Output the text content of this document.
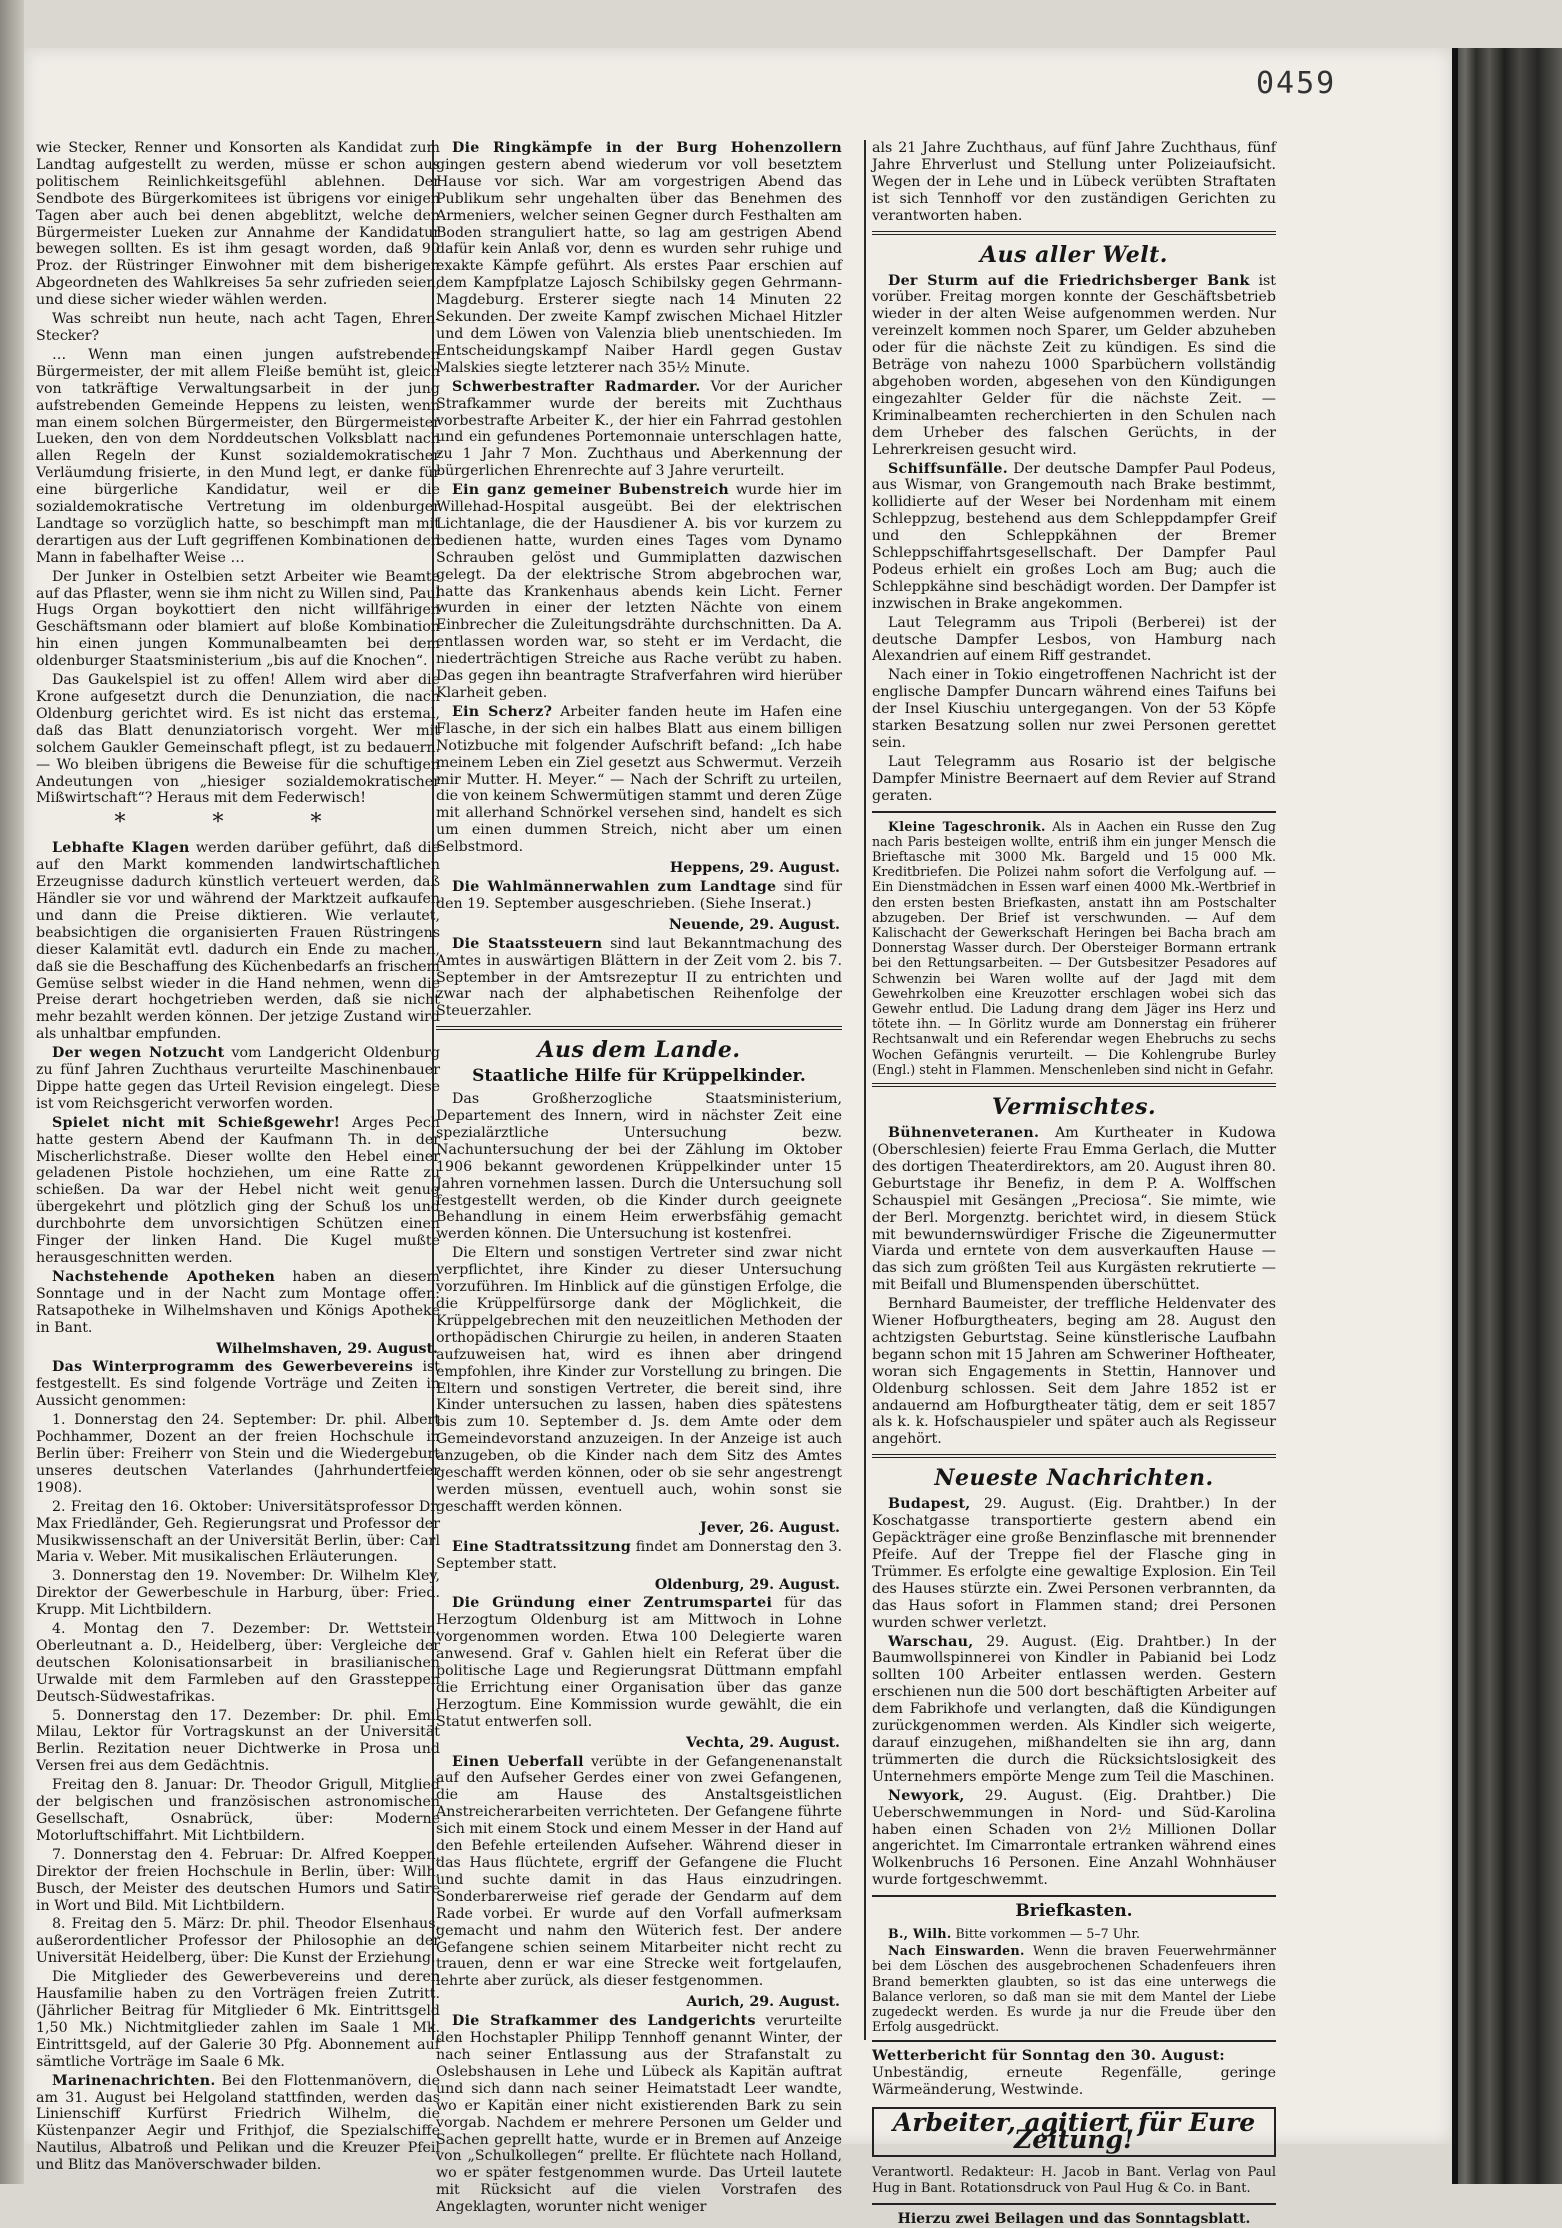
0459

wie Stecker, Renner und Konsorten als Kandidat zum Landtag aufgestellt zu werden, müsse er schon aus politischem Reinlichkeitsgefühl ablehnen. Der Sendbote des Bürgerkomitees ist übrigens vor einigen Tagen aber auch bei denen abgeblitzt, welche den Bürgermeister Lueken zur Annahme der Kandidatur bewegen sollten. Es ist ihm gesagt worden, daß 90 Proz. der Rüstringer Einwohner mit dem bisherigen Abgeordneten des Wahlkreises 5a sehr zufrieden seien, und diese sicher wieder wählen werden.

Was schreibt nun heute, nach acht Tagen, Ehren-Stecker?

… Wenn man einen jungen aufstrebenden Bürgermeister, der mit allem Fleiße bemüht ist, gleich von tatkräftige Verwaltungsarbeit in der jung aufstrebenden Gemeinde Heppens zu leisten, wenn man einem solchen Bürgermeister, den Bürgermeister Lueken, den von dem Norddeutschen Volksblatt nach allen Regeln der Kunst sozialdemokratischer Verläumdung frisierte, in den Mund legt, er danke für eine bürgerliche Kandidatur, weil er die sozialdemokratische Vertretung im oldenburger Landtage so vorzüglich hatte, so beschimpft man mit derartigen aus der Luft gegriffenen Kombinationen den Mann in fabelhafter Weise …

Der Junker in Ostelbien setzt Arbeiter wie Beamte auf das Pflaster, wenn sie ihm nicht zu Willen sind, Paul Hugs Organ boykottiert den nicht willfährigen Geschäftsmann oder blamiert auf bloße Kombination hin einen jungen Kommunalbeamten bei dem oldenburger Staatsministerium „bis auf die Knochen“.

Das Gaukelspiel ist zu offen! Allem wird aber die Krone aufgesetzt durch die Denunziation, die nach Oldenburg gerichtet wird. Es ist nicht das erstemal, daß das Blatt denunziatorisch vorgeht. Wer mit solchem Gaukler Gemeinschaft pflegt, ist zu bedauern. — Wo bleiben übrigens die Beweise für die schuftigen Andeutungen von „hiesiger sozialdemokratischer Mißwirtschaft“? Heraus mit dem Federwisch!

* * *

Lebhafte Klagen werden darüber geführt, daß die auf den Markt kommenden landwirtschaftlichen Erzeugnisse dadurch künstlich verteuert werden, daß Händler sie vor und während der Marktzeit aufkaufen und dann die Preise diktieren. Wie verlautet, beabsichtigen die organisierten Frauen Rüstringens dieser Kalamität evtl. dadurch ein Ende zu machen, daß sie die Beschaffung des Küchenbedarfs an frischem Gemüse selbst wieder in die Hand nehmen, wenn die Preise derart hochgetrieben werden, daß sie nicht mehr bezahlt werden können. Der jetzige Zustand wird als unhaltbar empfunden.

Der wegen Notzucht vom Landgericht Oldenburg zu fünf Jahren Zuchthaus verurteilte Maschinenbauer Dippe hatte gegen das Urteil Revision eingelegt. Diese ist vom Reichsgericht verworfen worden.

Spielet nicht mit Schießgewehr! Arges Pech hatte gestern Abend der Kaufmann Th. in der Mischerlichstraße. Dieser wollte den Hebel einer geladenen Pistole hochziehen, um eine Ratte zu schießen. Da war der Hebel nicht weit genug übergekehrt und plötzlich ging der Schuß los und durchbohrte dem unvorsichtigen Schützen einen Finger der linken Hand. Die Kugel mußte herausgeschnitten werden.

Nachstehende Apotheken haben an diesem Sonntage und in der Nacht zum Montage offen: Ratsapotheke in Wilhelmshaven und Königs Apotheke in Bant.

Wilhelmshaven, 29. August.

Das Winterprogramm des Gewerbevereins ist festgestellt. Es sind folgende Vorträge und Zeiten in Aussicht genommen:

1. Donnerstag den 24. September: Dr. phil. Albert Pochhammer, Dozent an der freien Hochschule in Berlin über: Freiherr von Stein und die Wiedergeburt unseres deutschen Vaterlandes (Jahrhundertfeier 1908).

2. Freitag den 16. Oktober: Universitätsprofessor Dr. Max Friedländer, Geh. Regierungsrat und Professor der Musikwissenschaft an der Universität Berlin, über: Carl Maria v. Weber. Mit musikalischen Erläuterungen.

3. Donnerstag den 19. November: Dr. Wilhelm Kley, Direktor der Gewerbeschule in Harburg, über: Fried. Krupp. Mit Lichtbildern.

4. Montag den 7. Dezember: Dr. Wettstein, Oberleutnant a. D., Heidelberg, über: Vergleiche der deutschen Kolonisationsarbeit in brasilianischen Urwalde mit dem Farmleben auf den Grassteppen Deutsch-Südwestafrikas.

5. Donnerstag den 17. Dezember: Dr. phil. Emil Milau, Lektor für Vortragskunst an der Universität Berlin. Rezitation neuer Dichtwerke in Prosa und Versen frei aus dem Gedächtnis.

Freitag den 8. Januar: Dr. Theodor Grigull, Mitglied der belgischen und französischen astronomischen Gesellschaft, Osnabrück, über: Moderne Motorluftschiffahrt. Mit Lichtbildern.

7. Donnerstag den 4. Februar: Dr. Alfred Koeppen, Direktor der freien Hochschule in Berlin, über: Wilh. Busch, der Meister des deutschen Humors und Satire in Wort und Bild. Mit Lichtbildern.

8. Freitag den 5. März: Dr. phil. Theodor Elsenhaus, außerordentlicher Professor der Philosophie an der Universität Heidelberg, über: Die Kunst der Erziehung.

Die Mitglieder des Gewerbevereins und deren Hausfamilie haben zu den Vorträgen freien Zutritt. (Jährlicher Beitrag für Mitglieder 6 Mk. Eintrittsgeld 1,50 Mk.) Nichtmitglieder zahlen im Saale 1 Mk. Eintrittsgeld, auf der Galerie 30 Pfg. Abonnement auf sämtliche Vorträge im Saale 6 Mk.

Marinenachrichten. Bei den Flottenmanövern, die am 31. August bei Helgoland stattfinden, werden das Linienschiff Kurfürst Friedrich Wilhelm, die Küstenpanzer Aegir und Frithjof, die Spezialschiffe Nautilus, Albatroß und Pelikan und die Kreuzer Pfeil und Blitz das Manöverschwader bilden.

Die Ringkämpfe in der Burg Hohenzollern gingen gestern abend wiederum vor voll besetztem Hause vor sich. War am vorgestrigen Abend das Publikum sehr ungehalten über das Benehmen des Armeniers, welcher seinen Gegner durch Festhalten am Boden stranguliert hatte, so lag am gestrigen Abend dafür kein Anlaß vor, denn es wurden sehr ruhige und exakte Kämpfe geführt. Als erstes Paar erschien auf dem Kampfplatze Lajosch Schibilsky gegen Gehrmann-Magdeburg. Ersterer siegte nach 14 Minuten 22 Sekunden. Der zweite Kampf zwischen Michael Hitzler und dem Löwen von Valenzia blieb unentschieden. Im Entscheidungskampf Naiber Hardl gegen Gustav Malskies siegte letzterer nach 35½ Minute.

Schwerbestrafter Radmarder. Vor der Auricher Strafkammer wurde der bereits mit Zuchthaus vorbestrafte Arbeiter K., der hier ein Fahrrad gestohlen und ein gefundenes Portemonnaie unterschlagen hatte, zu 1 Jahr 7 Mon. Zuchthaus und Aberkennung der bürgerlichen Ehrenrechte auf 3 Jahre verurteilt.

Ein ganz gemeiner Bubenstreich wurde hier im Willehad-Hospital ausgeübt. Bei der elektrischen Lichtanlage, die der Hausdiener A. bis vor kurzem zu bedienen hatte, wurden eines Tages vom Dynamo Schrauben gelöst und Gummiplatten dazwischen gelegt. Da der elektrische Strom abgebrochen war, hatte das Krankenhaus abends kein Licht. Ferner wurden in einer der letzten Nächte von einem Einbrecher die Zuleitungsdrähte durchschnitten. Da A. entlassen worden war, so steht er im Verdacht, die niederträchtigen Streiche aus Rache verübt zu haben. Das gegen ihn beantragte Strafverfahren wird hierüber Klarheit geben.

Ein Scherz? Arbeiter fanden heute im Hafen eine Flasche, in der sich ein halbes Blatt aus einem billigen Notizbuche mit folgender Aufschrift befand: „Ich habe meinem Leben ein Ziel gesetzt aus Schwermut. Verzeih mir Mutter. H. Meyer.“ — Nach der Schrift zu urteilen, die von keinem Schwermütigen stammt und deren Züge mit allerhand Schnörkel versehen sind, handelt es sich um einen dummen Streich, nicht aber um einen Selbstmord.

Heppens, 29. August.

Die Wahlmännerwahlen zum Landtage sind für den 19. September ausgeschrieben. (Siehe Inserat.)

Neuende, 29. August.

Die Staatssteuern sind laut Bekanntmachung des Amtes in auswärtigen Blättern in der Zeit vom 2. bis 7. September in der Amtsrezeptur II zu entrichten und zwar nach der alphabetischen Reihenfolge der Steuerzahler.

Aus dem Lande.

Staatliche Hilfe für Krüppelkinder.

Das Großherzogliche Staatsministerium, Departement des Innern, wird in nächster Zeit eine spezialärztliche Untersuchung bezw. Nachuntersuchung der bei der Zählung im Oktober 1906 bekannt gewordenen Krüppelkinder unter 15 Jahren vornehmen lassen. Durch die Untersuchung soll festgestellt werden, ob die Kinder durch geeignete Behandlung in einem Heim erwerbsfähig gemacht werden können. Die Untersuchung ist kostenfrei.

Die Eltern und sonstigen Vertreter sind zwar nicht verpflichtet, ihre Kinder zu dieser Untersuchung vorzuführen. Im Hinblick auf die günstigen Erfolge, die die Krüppelfürsorge dank der Möglichkeit, die Krüppelgebrechen mit den neuzeitlichen Methoden der orthopädischen Chirurgie zu heilen, in anderen Staaten aufzuweisen hat, wird es ihnen aber dringend empfohlen, ihre Kinder zur Vorstellung zu bringen. Die Eltern und sonstigen Vertreter, die bereit sind, ihre Kinder untersuchen zu lassen, haben dies spätestens bis zum 10. September d. Js. dem Amte oder dem Gemeindevorstand anzuzeigen. In der Anzeige ist auch anzugeben, ob die Kinder nach dem Sitz des Amtes geschafft werden können, oder ob sie sehr angestrengt werden müssen, eventuell auch, wohin sonst sie geschafft werden können.

Jever, 26. August.

Eine Stadtratssitzung findet am Donnerstag den 3. September statt.

Oldenburg, 29. August.

Die Gründung einer Zentrumspartei für das Herzogtum Oldenburg ist am Mittwoch in Lohne vorgenommen worden. Etwa 100 Delegierte waren anwesend. Graf v. Gahlen hielt ein Referat über die politische Lage und Regierungsrat Düttmann empfahl die Errichtung einer Organisation über das ganze Herzogtum. Eine Kommission wurde gewählt, die ein Statut entwerfen soll.

Vechta, 29. August.

Einen Ueberfall verübte in der Gefangenenanstalt auf den Aufseher Gerdes einer von zwei Gefangenen, die am Hause des Anstaltsgeistlichen Anstreicherarbeiten verrichteten. Der Gefangene führte sich mit einem Stock und einem Messer in der Hand auf den Befehle erteilenden Aufseher. Während dieser in das Haus flüchtete, ergriff der Gefangene die Flucht und suchte damit in das Haus einzudringen. Sonderbarerweise rief gerade der Gendarm auf dem Rade vorbei. Er wurde auf den Vorfall aufmerksam gemacht und nahm den Wüterich fest. Der andere Gefangene schien seinem Mitarbeiter nicht recht zu trauen, denn er war eine Strecke weit fortgelaufen, lehrte aber zurück, als dieser festgenommen.

Aurich, 29. August.

Die Strafkammer des Landgerichts verurteilte den Hochstapler Philipp Tennhoff genannt Winter, der nach seiner Entlassung aus der Strafanstalt zu Oslebshausen in Lehe und Lübeck als Kapitän auftrat und sich dann nach seiner Heimatstadt Leer wandte, wo er Kapitän einer nicht existierenden Bark zu sein vorgab. Nachdem er mehrere Personen um Gelder und Sachen geprellt hatte, wurde er in Bremen auf Anzeige von „Schulkollegen“ prellte. Er flüchtete nach Holland, wo er später festgenommen wurde. Das Urteil lautete mit Rücksicht auf die vielen Vorstrafen des Angeklagten, worunter nicht weniger

als 21 Jahre Zuchthaus, auf fünf Jahre Zuchthaus, fünf Jahre Ehrverlust und Stellung unter Polizeiaufsicht. Wegen der in Lehe und in Lübeck verübten Straftaten ist sich Tennhoff vor den zuständigen Gerichten zu verantworten haben.

Aus aller Welt.

Der Sturm auf die Friedrichsberger Bank ist vorüber. Freitag morgen konnte der Geschäftsbetrieb wieder in der alten Weise aufgenommen werden. Nur vereinzelt kommen noch Sparer, um Gelder abzuheben oder für die nächste Zeit zu kündigen. Es sind die Beträge von nahezu 1000 Sparbüchern vollständig abgehoben worden, abgesehen von den Kündigungen eingezahlter Gelder für die nächste Zeit. — Kriminalbeamten recherchierten in den Schulen nach dem Urheber des falschen Gerüchts, in der Lehrerkreisen gesucht wird.

Schiffsunfälle. Der deutsche Dampfer Paul Podeus, aus Wismar, von Grangemouth nach Brake bestimmt, kollidierte auf der Weser bei Nordenham mit einem Schleppzug, bestehend aus dem Schleppdampfer Greif und den Schleppkähnen der Bremer Schleppschiffahrtsgesellschaft. Der Dampfer Paul Podeus erhielt ein großes Loch am Bug; auch die Schleppkähne sind beschädigt worden. Der Dampfer ist inzwischen in Brake angekommen.

Laut Telegramm aus Tripoli (Berberei) ist der deutsche Dampfer Lesbos, von Hamburg nach Alexandrien auf einem Riff gestrandet.

Nach einer in Tokio eingetroffenen Nachricht ist der englische Dampfer Duncarn während eines Taifuns bei der Insel Kiuschiu untergegangen. Von der 53 Köpfe starken Besatzung sollen nur zwei Personen gerettet sein.

Laut Telegramm aus Rosario ist der belgische Dampfer Ministre Beernaert auf dem Revier auf Strand geraten.

Kleine Tageschronik. Als in Aachen ein Russe den Zug nach Paris besteigen wollte, entriß ihm ein junger Mensch die Brieftasche mit 3000 Mk. Bargeld und 15 000 Mk. Kreditbriefen. Die Polizei nahm sofort die Verfolgung auf. — Ein Dienstmädchen in Essen warf einen 4000 Mk.-Wertbrief in den ersten besten Briefkasten, anstatt ihn am Postschalter abzugeben. Der Brief ist verschwunden. — Auf dem Kalischacht der Gewerkschaft Heringen bei Bacha brach am Donnerstag Wasser durch. Der Obersteiger Bormann ertrank bei den Rettungsarbeiten. — Der Gutsbesitzer Pesadores auf Schwenzin bei Waren wollte auf der Jagd mit dem Gewehrkolben eine Kreuzotter erschlagen wobei sich das Gewehr entlud. Die Ladung drang dem Jäger ins Herz und tötete ihn. — In Görlitz wurde am Donnerstag ein früherer Rechtsanwalt und ein Referendar wegen Ehebruchs zu sechs Wochen Gefängnis verurteilt. — Die Kohlengrube Burley (Engl.) steht in Flammen. Menschenleben sind nicht in Gefahr.

Vermischtes.

Bühnenveteranen. Am Kurtheater in Kudowa (Oberschlesien) feierte Frau Emma Gerlach, die Mutter des dortigen Theaterdirektors, am 20. August ihren 80. Geburtstage ihr Benefiz, in dem P. A. Wolffschen Schauspiel mit Gesängen „Preciosa“. Sie mimte, wie der Berl. Morgenztg. berichtet wird, in diesem Stück mit bewundernswürdiger Frische die Zigeunermutter Viarda und erntete von dem ausverkauften Hause — das sich zum größten Teil aus Kurgästen rekrutierte — mit Beifall und Blumenspenden überschüttet.

Bernhard Baumeister, der treffliche Heldenvater des Wiener Hofburgtheaters, beging am 28. August den achtzigsten Geburtstag. Seine künstlerische Laufbahn begann schon mit 15 Jahren am Schweriner Hoftheater, woran sich Engagements in Stettin, Hannover und Oldenburg schlossen. Seit dem Jahre 1852 ist er andauernd am Hofburgtheater tätig, dem er seit 1857 als k. k. Hofschauspieler und später auch als Regisseur angehört.

Neueste Nachrichten.

Budapest, 29. August. (Eig. Drahtber.) In der Koschatgasse transportierte gestern abend ein Gepäckträger eine große Benzinflasche mit brennender Pfeife. Auf der Treppe fiel der Flasche ging in Trümmer. Es erfolgte eine gewaltige Explosion. Ein Teil des Hauses stürzte ein. Zwei Personen verbrannten, da das Haus sofort in Flammen stand; drei Personen wurden schwer verletzt.

Warschau, 29. August. (Eig. Drahtber.) In der Baumwollspinnerei von Kindler in Pabianid bei Lodz sollten 100 Arbeiter entlassen werden. Gestern erschienen nun die 500 dort beschäftigten Arbeiter auf dem Fabrikhofe und verlangten, daß die Kündigungen zurückgenommen werden. Als Kindler sich weigerte, darauf einzugehen, mißhandelten sie ihn arg, dann trümmerten die durch die Rücksichtslosigkeit des Unternehmers empörte Menge zum Teil die Maschinen.

Newyork, 29. August. (Eig. Drahtber.) Die Ueberschwemmungen in Nord- und Süd-Karolina haben einen Schaden von 2½ Millionen Dollar angerichtet. Im Cimarrontale ertranken während eines Wolkenbruchs 16 Personen. Eine Anzahl Wohnhäuser wurde fortgeschwemmt.

Briefkasten.

B., Wilh. Bitte vorkommen — 5–7 Uhr.

Nach Einswarden. Wenn die braven Feuerwehrmänner bei dem Löschen des ausgebrochenen Schadenfeuers ihren Brand bemerkten glaubten, so ist das eine unterwegs die Balance verloren, so daß man sie mit dem Mantel der Liebe zugedeckt werden. Es wurde ja nur die Freude über den Erfolg ausgedrückt.

Wetterbericht für Sonntag den 30. August:
Unbeständig, erneute Regenfälle, geringe Wärmeänderung, Westwinde.

Arbeiter, agitiert für Eure Zeitung!

Verantwortl. Redakteur: H. Jacob in Bant. Verlag von Paul Hug in Bant. Rotationsdruck von Paul Hug & Co. in Bant.

Hierzu zwei Beilagen und das Sonntagsblatt.
